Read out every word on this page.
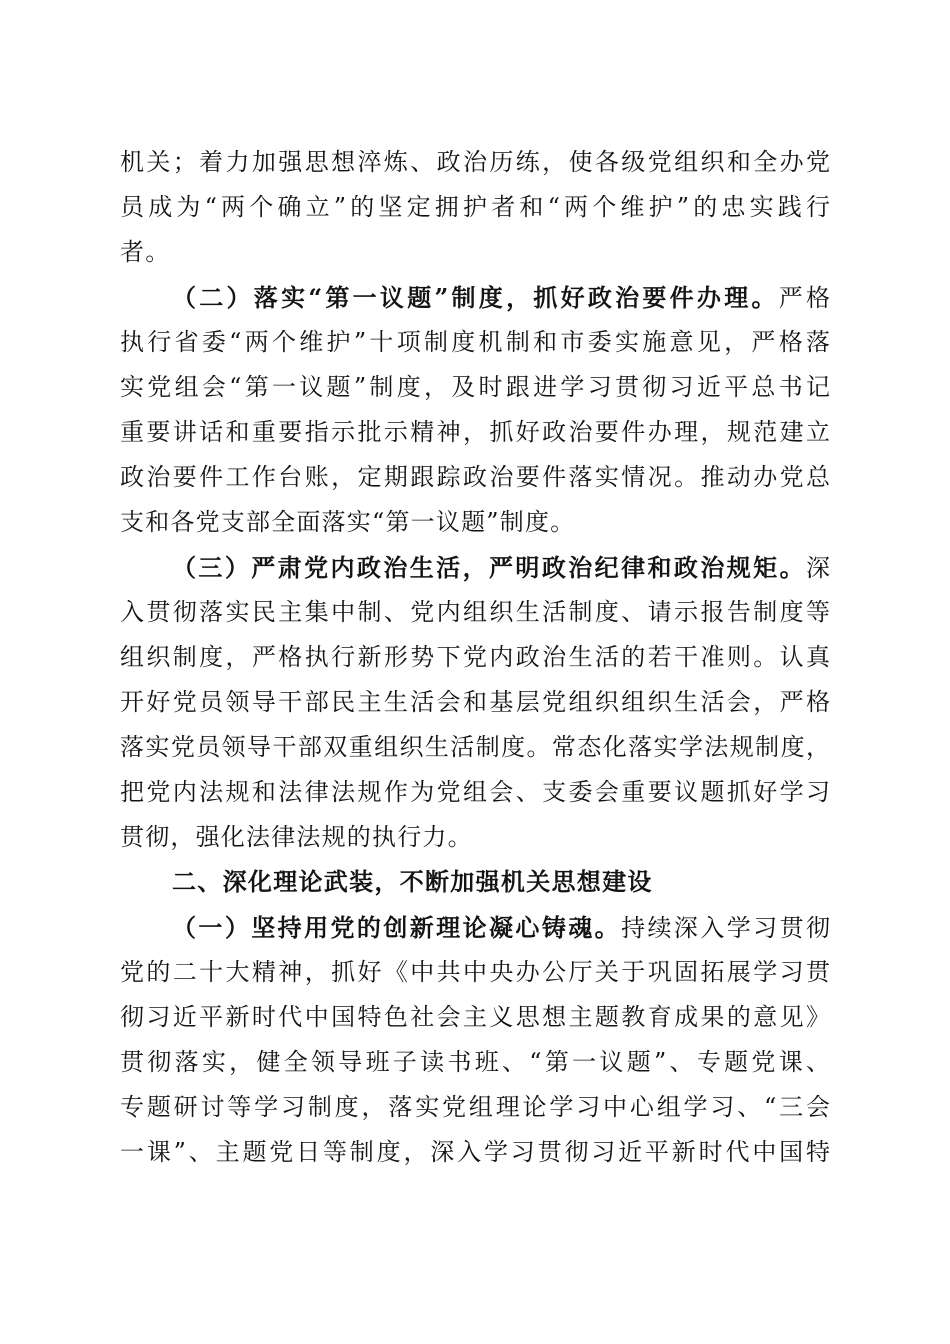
机关；着力加强思想淬炼、政治历练，使各级党组织和全办党
员成为“两个确立”的坚定拥护者和“两个维护”的忠实践行
者。
（二）落实“第一议题”制度，抓好政治要件办理。严格
执行省委“两个维护”十项制度机制和市委实施意见，严格落
实党组会“第一议题”制度，及时跟进学习贯彻习近平总书记
重要讲话和重要指示批示精神，抓好政治要件办理，规范建立
政治要件工作台账，定期跟踪政治要件落实情况。推动办党总
支和各党支部全面落实“第一议题”制度。
（三）严肃党内政治生活，严明政治纪律和政治规矩。深
入贯彻落实民主集中制、党内组织生活制度、请示报告制度等
组织制度，严格执行新形势下党内政治生活的若干准则。认真
开好党员领导干部民主生活会和基层党组织组织生活会，严格
落实党员领导干部双重组织生活制度。常态化落实学法规制度，
把党内法规和法律法规作为党组会、支委会重要议题抓好学习
贯彻，强化法律法规的执行力。
二、深化理论武装，不断加强机关思想建设
（一）坚持用党的创新理论凝心铸魂。持续深入学习贯彻
党的二十大精神，抓好《中共中央办公厅关于巩固拓展学习贯
彻习近平新时代中国特色社会主义思想主题教育成果的意见》
贯彻落实，健全领导班子读书班、“第一议题”、专题党课、
专题研讨等学习制度，落实党组理论学习中心组学习、“三会
一课”、主题党日等制度，深入学习贯彻习近平新时代中国特
